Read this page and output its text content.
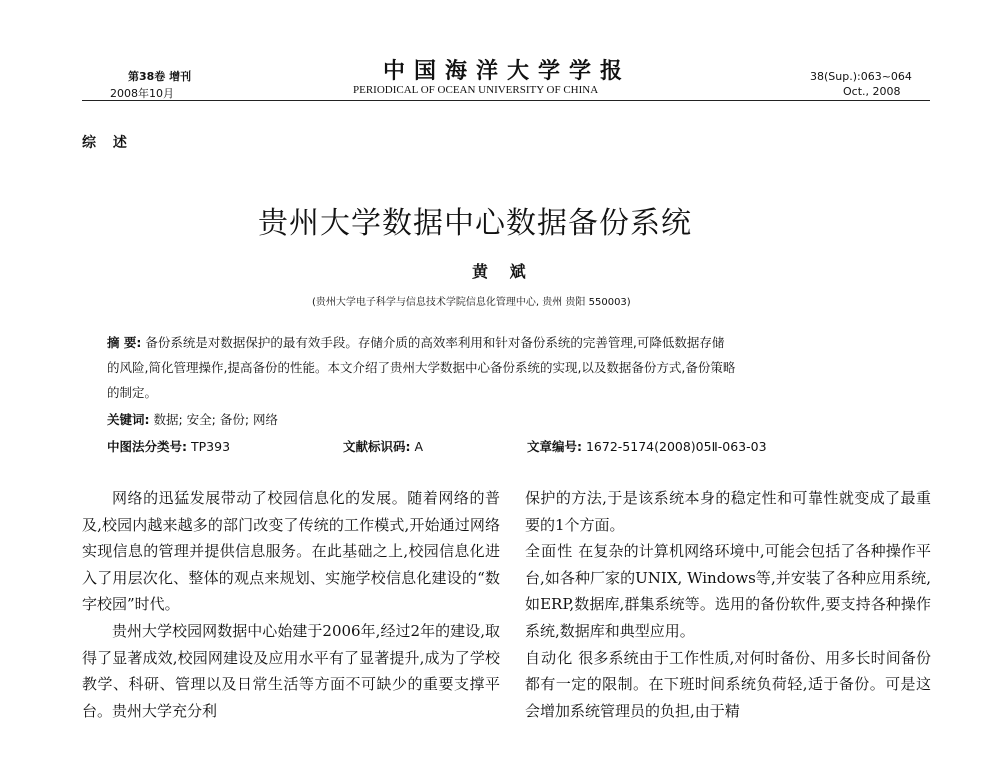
第38卷 增刊
2008年10月
中国海洋大学学报
PERIODICAL OF OCEAN UNIVERSITY OF CHINA
38(Sup.):063~064
Oct., 2008
综 述
贵州大学数据中心数据备份系统
黄 斌
(贵州大学电子科学与信息技术学院信息化管理中心, 贵州 贵阳 550003)
摘 要: 备份系统是对数据保护的最有效手段。存储介质的高效率利用和针对备份系统的完善管理,可降低数据存储
的风险,简化管理操作,提高备份的性能。本文介绍了贵州大学数据中心备份系统的实现,以及数据备份方式,备份策略
的制定。
关键词: 数据; 安全; 备份; 网络
中图法分类号: TP393	文献标识码: A	文章编号: 1672-5174(2008)05Ⅱ-063-03

网络的迅猛发展带动了校园信息化的发展。随着网络的普及,校园内越来越多的部门改变了传统的工作模式,开始通过网络实现信息的管理并提供信息服务。在此基础之上,校园信息化进入了用层次化、整体的观点来规划、实施学校信息化建设的“数字校园”时代。

贵州大学校园网数据中心始建于2006年,经过2年的建设,取得了显著成效,校园网建设及应用水平有了显著提升,成为了学校教学、科研、管理以及日常生活等方面不可缺少的重要支撑平台。贵州大学充分利

保护的方法,于是该系统本身的稳定性和可靠性就变成了最重要的1个方面。

全面性 在复杂的计算机网络环境中,可能会包括了各种操作平台,如各种厂家的UNIX, Windows等,并安装了各种应用系统,如ERP,数据库,群集系统等。选用的备份软件,要支持各种操作系统,数据库和典型应用。

自动化 很多系统由于工作性质,对何时备份、用多长时间备份都有一定的限制。在下班时间系统负荷轻,适于备份。可是这会增加系统管理员的负担,由于精
